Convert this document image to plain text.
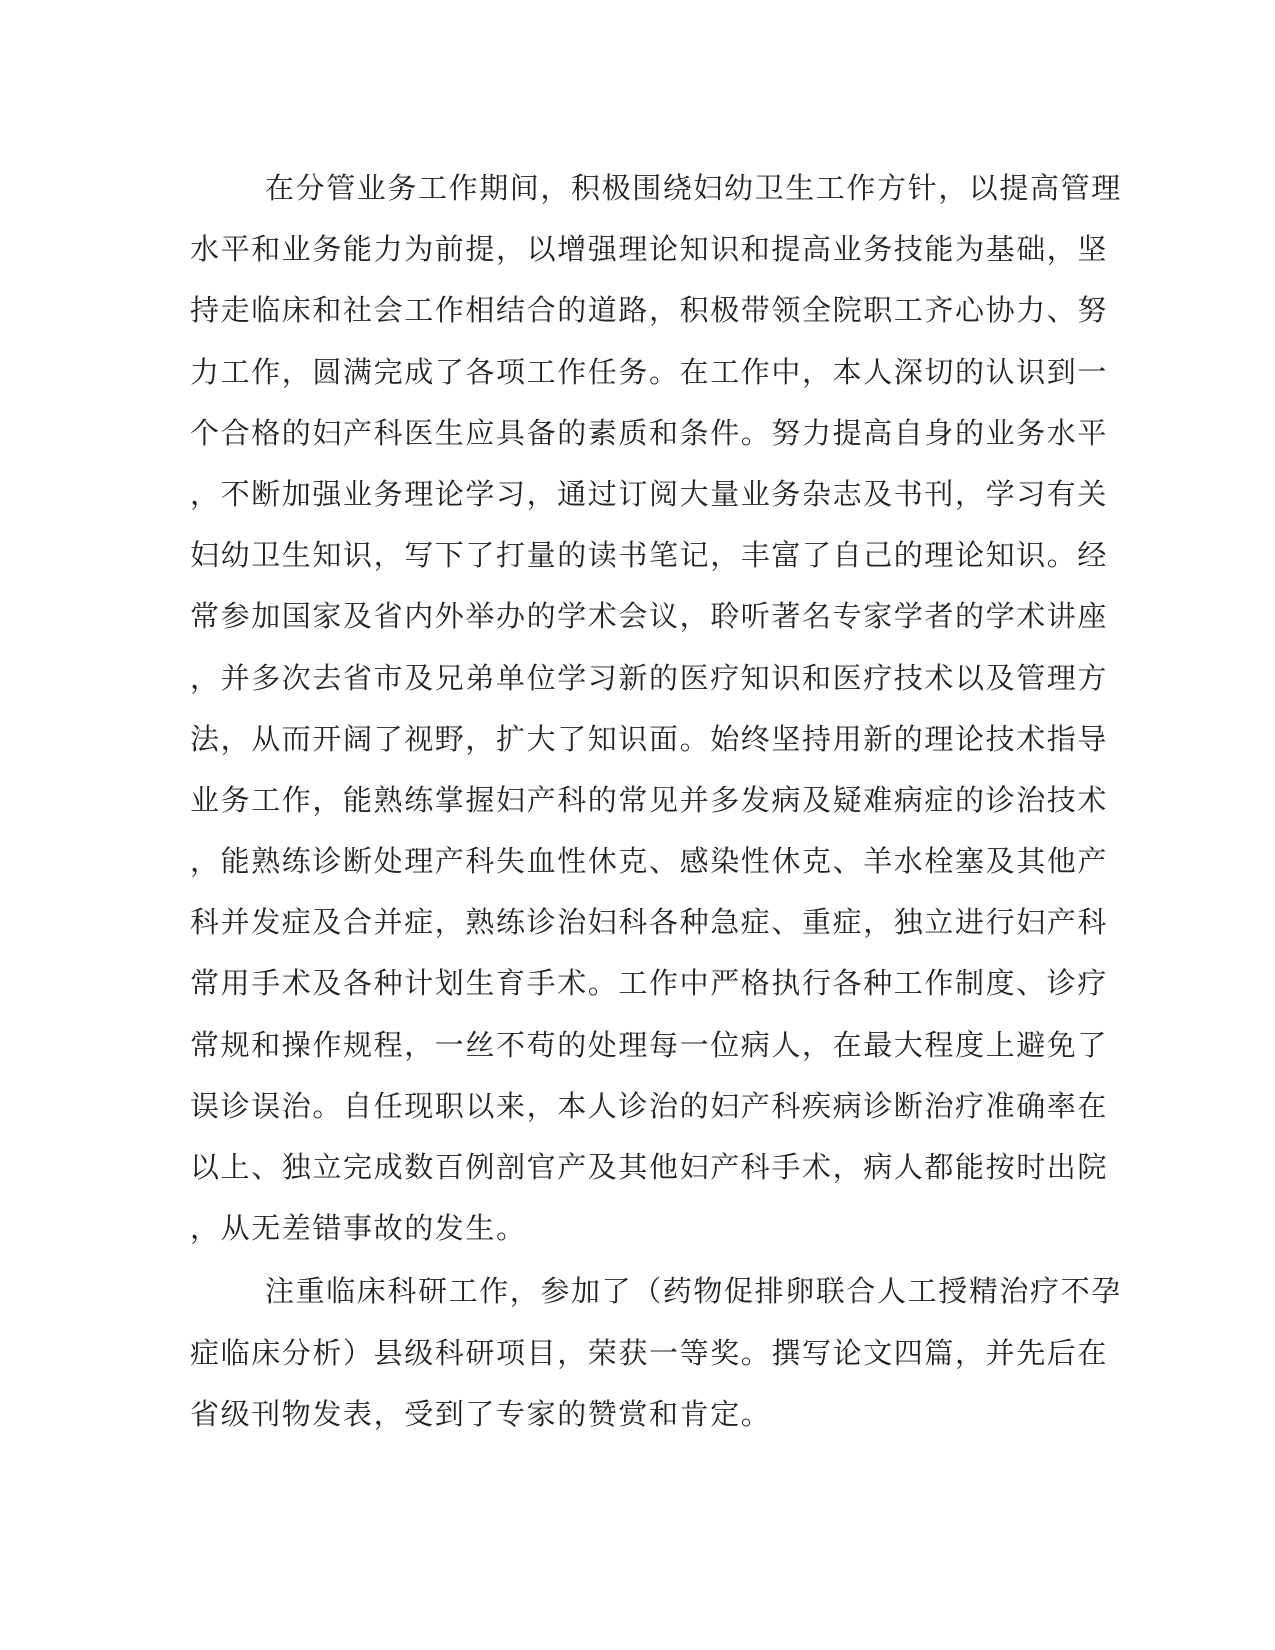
在分管业务工作期间，积极围绕妇幼卫生工作方针，以提高管理
水平和业务能力为前提，以增强理论知识和提高业务技能为基础，坚
持走临床和社会工作相结合的道路，积极带领全院职工齐心协力、努
力工作，圆满完成了各项工作任务。在工作中，本人深切的认识到一
个合格的妇产科医生应具备的素质和条件。努力提高自身的业务水平
，不断加强业务理论学习，通过订阅大量业务杂志及书刊，学习有关
妇幼卫生知识，写下了打量的读书笔记，丰富了自己的理论知识。经
常参加国家及省内外举办的学术会议，聆听著名专家学者的学术讲座
，并多次去省市及兄弟单位学习新的医疗知识和医疗技术以及管理方
法，从而开阔了视野，扩大了知识面。始终坚持用新的理论技术指导
业务工作，能熟练掌握妇产科的常见并多发病及疑难病症的诊治技术
，能熟练诊断处理产科失血性休克、感染性休克、羊水栓塞及其他产
科并发症及合并症，熟练诊治妇科各种急症、重症，独立进行妇产科
常用手术及各种计划生育手术。工作中严格执行各种工作制度、诊疗
常规和操作规程，一丝不苟的处理每一位病人，在最大程度上避免了
误诊误治。自任现职以来，本人诊治的妇产科疾病诊断治疗准确率在
以上、独立完成数百例剖官产及其他妇产科手术，病人都能按时出院
，从无差错事故的发生。
注重临床科研工作，参加了（药物促排卵联合人工授精治疗不孕
症临床分析）县级科研项目，荣获一等奖。撰写论文四篇，并先后在
省级刊物发表，受到了专家的赞赏和肯定。
